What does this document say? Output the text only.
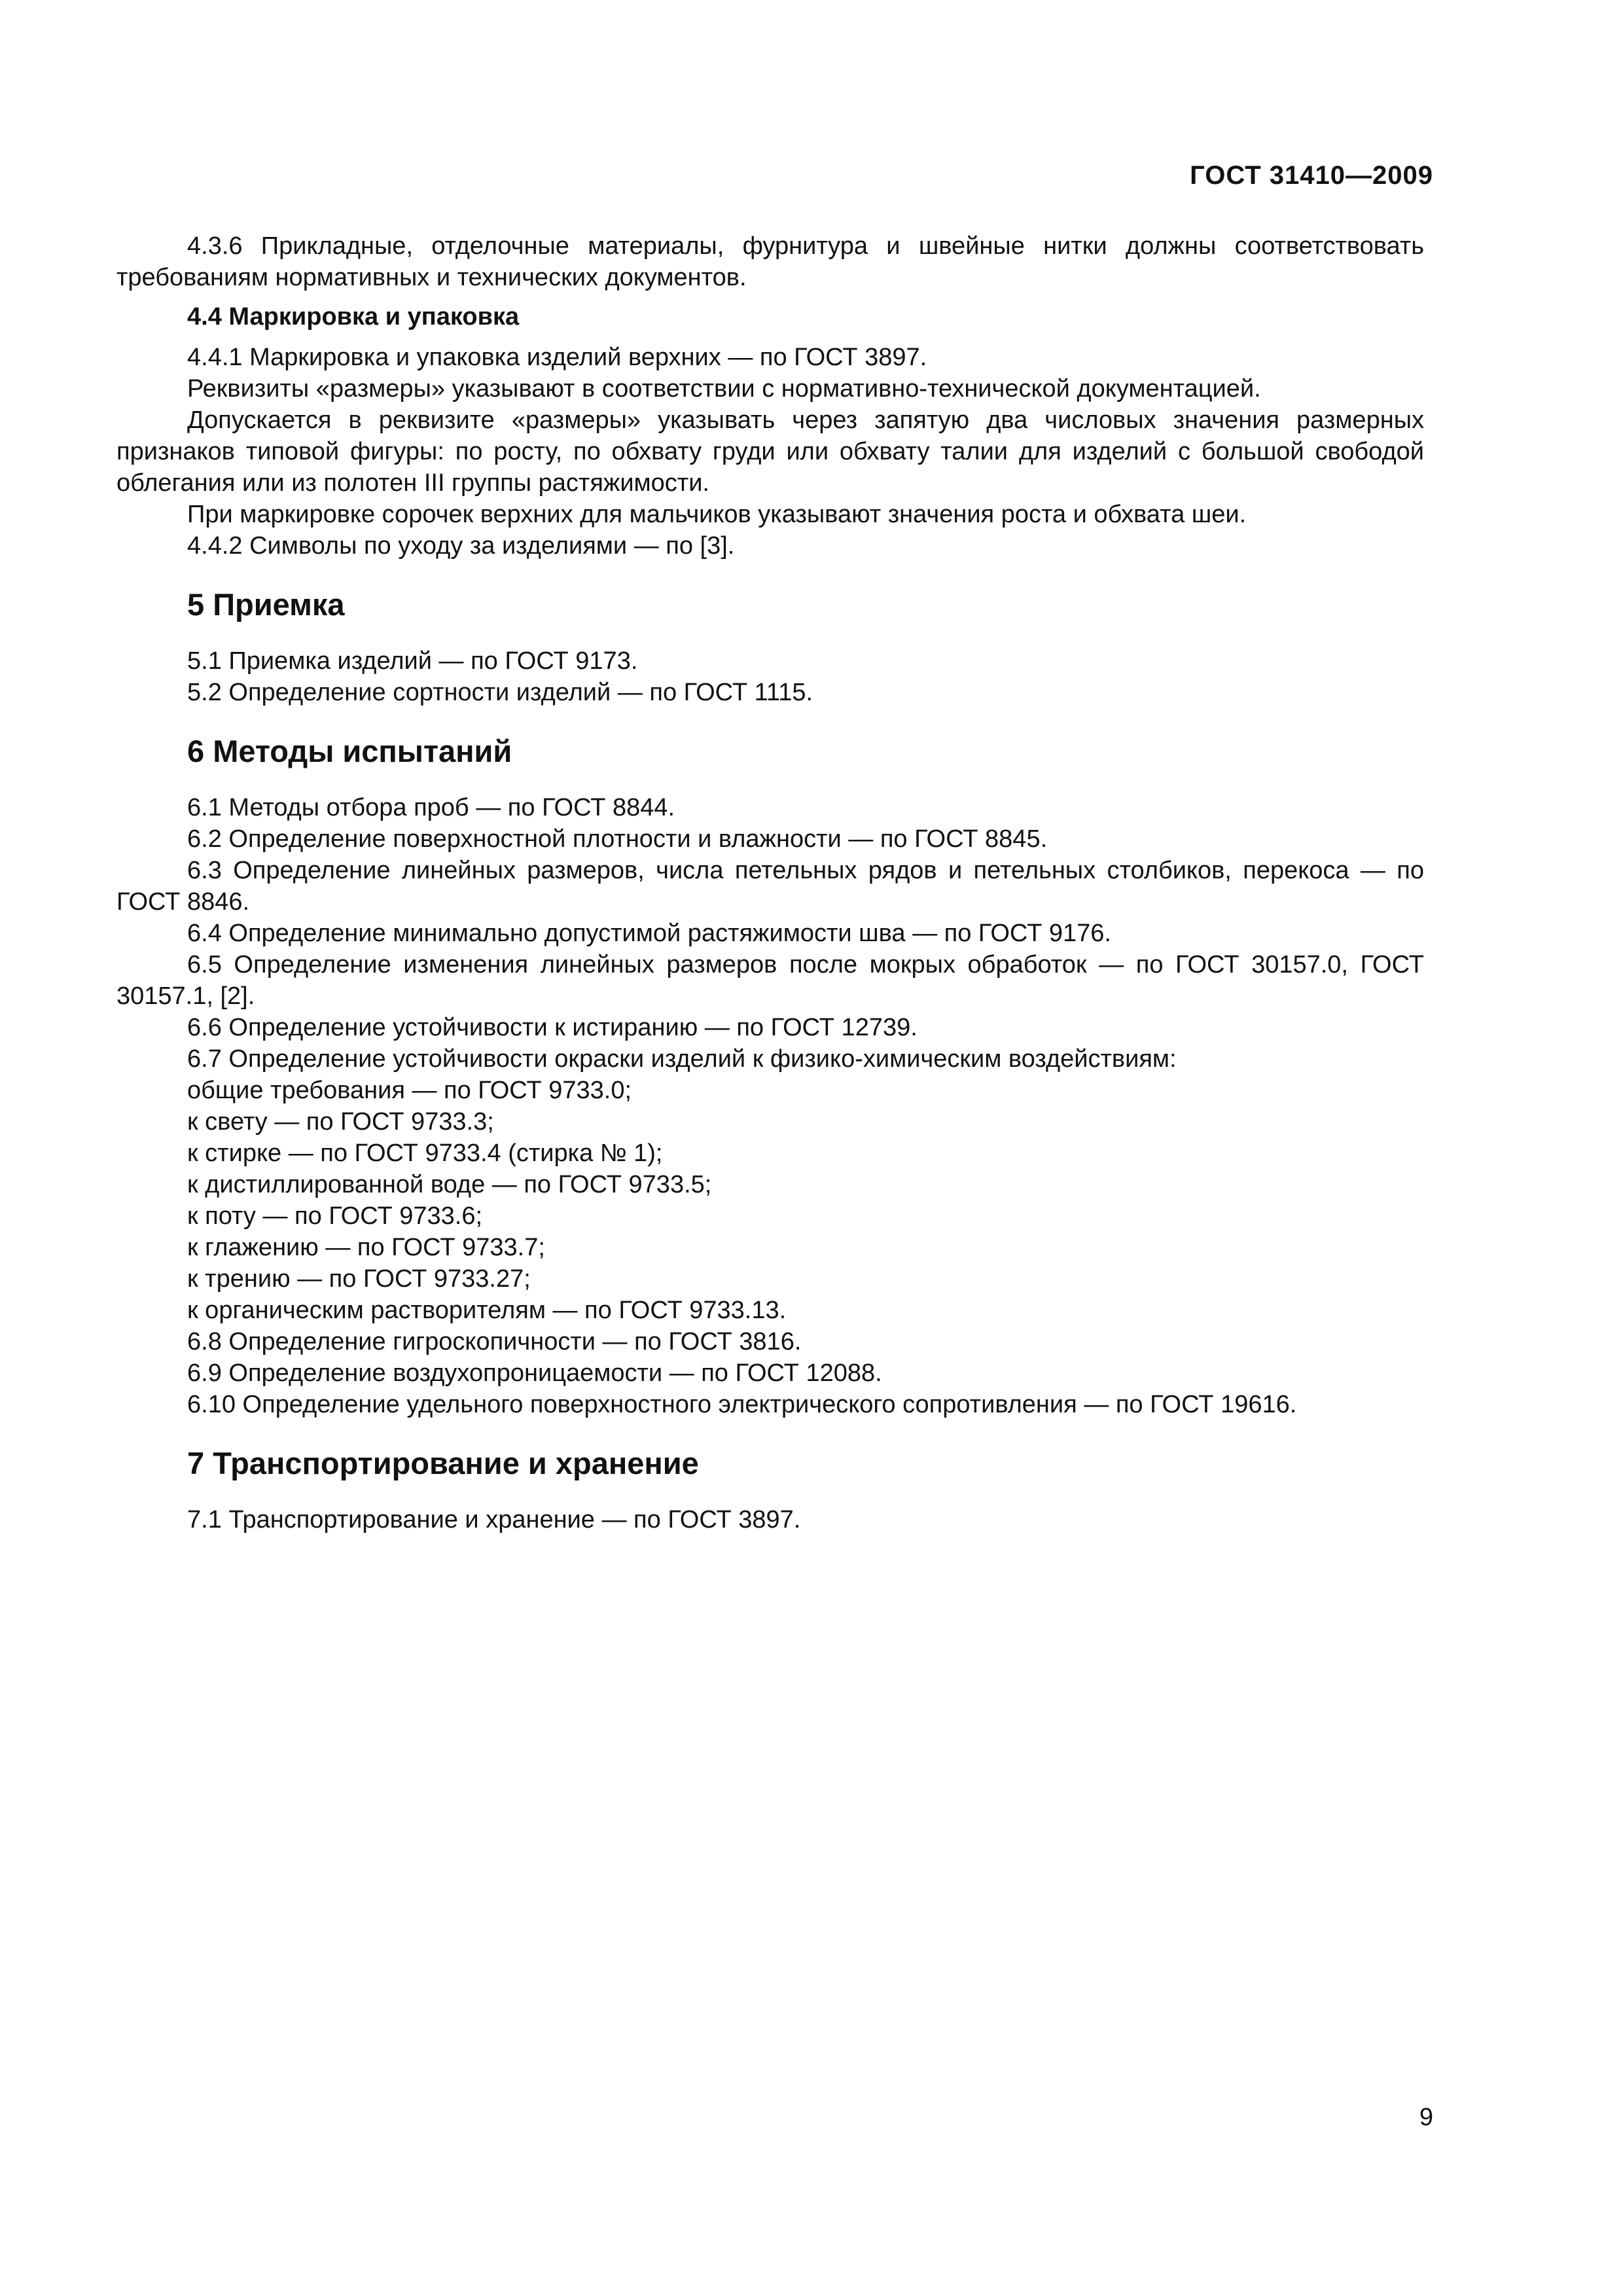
ГОСТ 31410—2009

4.3.6 Прикладные, отделочные материалы, фурнитура и швейные нитки должны соответствовать требованиям нормативных и технических документов.

4.4 Маркировка и упаковка

4.4.1 Маркировка и упаковка изделий верхних — по ГОСТ 3897.

Реквизиты «размеры» указывают в соответствии с нормативно-технической документацией.

Допускается в реквизите «размеры» указывать через запятую два числовых значения размерных признаков типовой фигуры: по росту, по обхвату груди или обхвату талии для изделий с большой свободой облегания или из полотен III группы растяжимости.

При маркировке сорочек верхних для мальчиков указывают значения роста и обхвата шеи.

4.4.2 Символы по уходу за изделиями — по [3].

5 Приемка

5.1 Приемка изделий — по ГОСТ 9173.

5.2 Определение сортности изделий — по ГОСТ 1115.

6 Методы испытаний

6.1 Методы отбора проб — по ГОСТ 8844.

6.2 Определение поверхностной плотности и влажности — по ГОСТ 8845.

6.3 Определение линейных размеров, числа петельных рядов и петельных столбиков, перекоса — по ГОСТ 8846.

6.4 Определение минимально допустимой растяжимости шва — по ГОСТ 9176.

6.5 Определение изменения линейных размеров после мокрых обработок — по ГОСТ 30157.0, ГОСТ 30157.1, [2].

6.6 Определение устойчивости к истиранию — по ГОСТ 12739.

6.7 Определение устойчивости окраски изделий к физико-химическим воздействиям:

общие требования — по ГОСТ 9733.0;

к свету — по ГОСТ 9733.3;

к стирке — по ГОСТ 9733.4 (стирка № 1);

к дистиллированной воде — по ГОСТ 9733.5;

к поту — по ГОСТ 9733.6;

к глажению — по ГОСТ 9733.7;

к трению — по ГОСТ 9733.27;

к органическим растворителям — по ГОСТ 9733.13.

6.8 Определение гигроскопичности — по ГОСТ 3816.

6.9 Определение воздухопроницаемости — по ГОСТ 12088.

6.10 Определение удельного поверхностного электрического сопротивления — по ГОСТ 19616.

7 Транспортирование и хранение

7.1 Транспортирование и хранение — по ГОСТ 3897.

9
